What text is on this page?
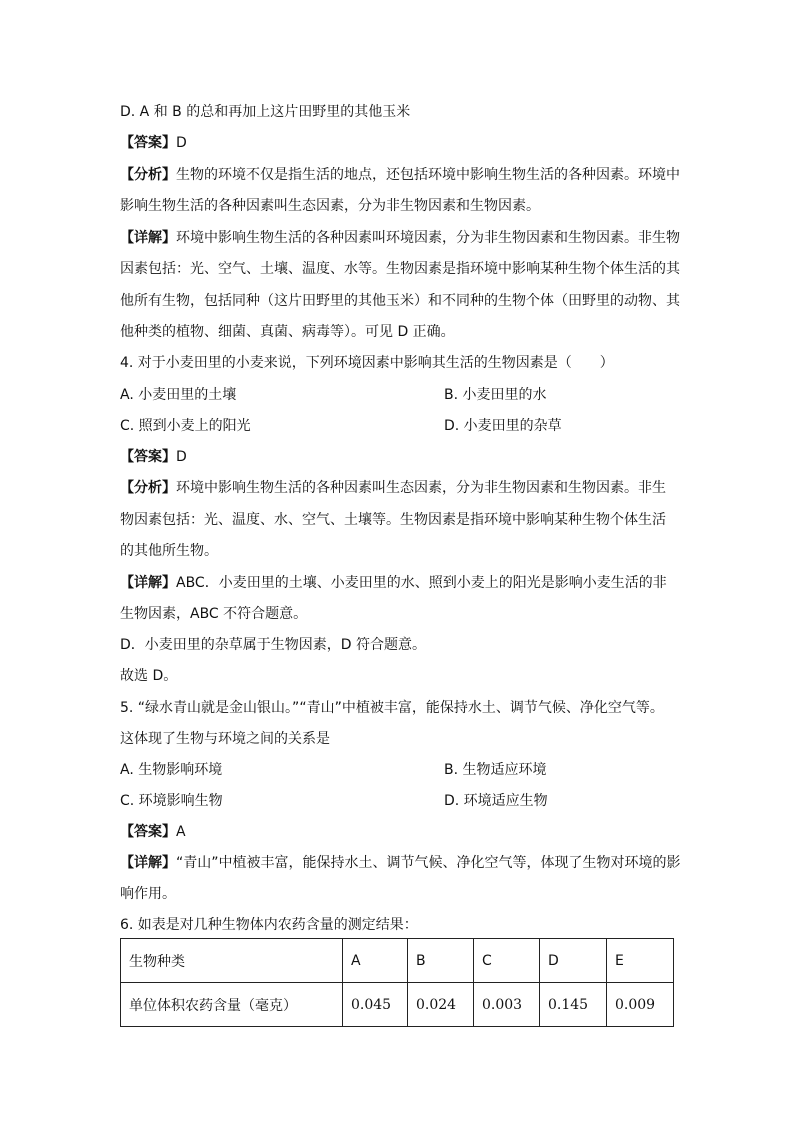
D. A 和 B 的总和再加上这片田野里的其他玉米
【答案】D
【分析】生物的环境不仅是指生活的地点，还包括环境中影响生物生活的各种因素。环境中
影响生物生活的各种因素叫生态因素，分为非生物因素和生物因素。
【详解】环境中影响生物生活的各种因素叫环境因素，分为非生物因素和生物因素。非生物
因素包括：光、空气、土壤、温度、水等。生物因素是指环境中影响某种生物个体生活的其
他所有生物，包括同种（这片田野里的其他玉米）和不同种的生物个体（田野里的动物、其
他种类的植物、细菌、真菌、病毒等）。可见 D 正确。
4. 对于小麦田里的小麦来说，下列环境因素中影响其生活的生物因素是（　　）
A. 小麦田里的土壤	B. 小麦田里的水
C. 照到小麦上的阳光	D. 小麦田里的杂草
【答案】D
【分析】环境中影响生物生活的各种因素叫生态因素，分为非生物因素和生物因素。非生
物因素包括：光、温度、水、空气、土壤等。生物因素是指环境中影响某种生物个体生活
的其他所生物。
【详解】ABC．小麦田里的土壤、小麦田里的水、照到小麦上的阳光是影响小麦生活的非
生物因素，ABC 不符合题意。
D．小麦田里的杂草属于生物因素，D 符合题意。
故选 D。
5. “绿水青山就是金山银山。”“青山”中植被丰富，能保持水土、调节气候、净化空气等。
这体现了生物与环境之间的关系是
A. 生物影响环境	B. 生物适应环境
C. 环境影响生物	D. 环境适应生物
【答案】A
【详解】“青山”中植被丰富，能保持水土、调节气候、净化空气等，体现了生物对环境的影
响作用。
6. 如表是对几种生物体内农药含量的测定结果：
生物种类	A	B	C	D	E
单位体积农药含量（毫克）	0.045	0.024	0.003	0.145	0.009
